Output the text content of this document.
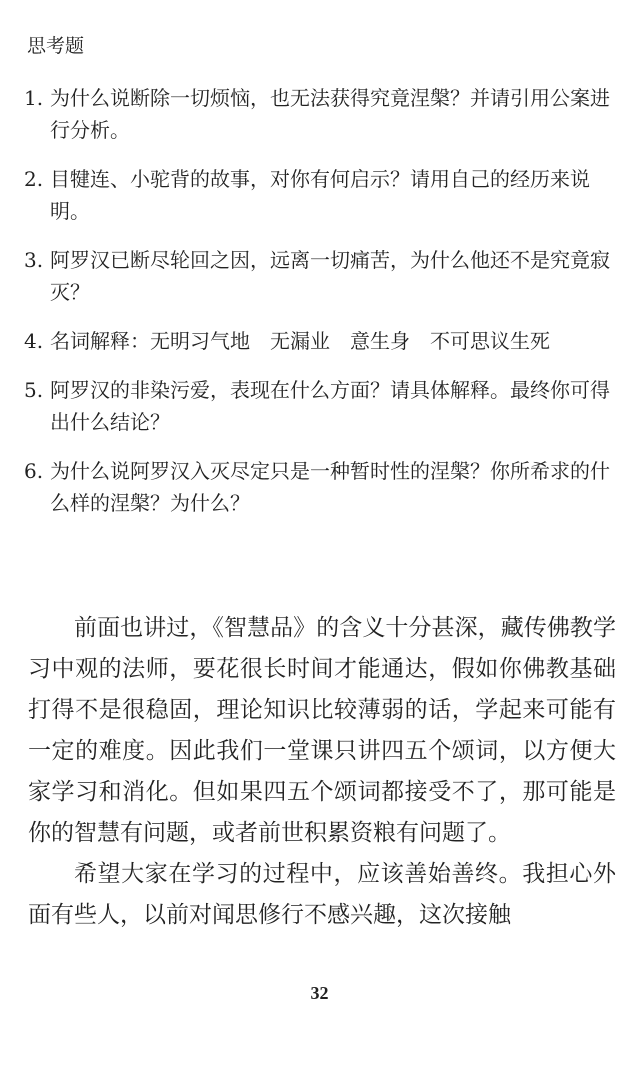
思考题
1. 为什么说断除一切烦恼，也无法获得究竟涅槃？并请引用公案进行分析。
2. 目犍连、小驼背的故事，对你有何启示？请用自己的经历来说明。
3. 阿罗汉已断尽轮回之因，远离一切痛苦，为什么他还不是究竟寂灭？
4. 名词解释：无明习气地　无漏业　意生身　不可思议生死
5. 阿罗汉的非染污爱，表现在什么方面？请具体解释。最终你可得出什么结论？
6. 为什么说阿罗汉入灭尽定只是一种暂时性的涅槃？你所希求的什么样的涅槃？为什么？

前面也讲过，《智慧品》的含义十分甚深，藏传佛教学习中观的法师，要花很长时间才能通达，假如你佛教基础打得不是很稳固，理论知识比较薄弱的话，学起来可能有一定的难度。因此我们一堂课只讲四五个颂词，以方便大家学习和消化。但如果四五个颂词都接受不了，那可能是你的智慧有问题，或者前世积累资粮有问题了。

希望大家在学习的过程中，应该善始善终。我担心外面有些人，以前对闻思修行不感兴趣，这次接触

32
